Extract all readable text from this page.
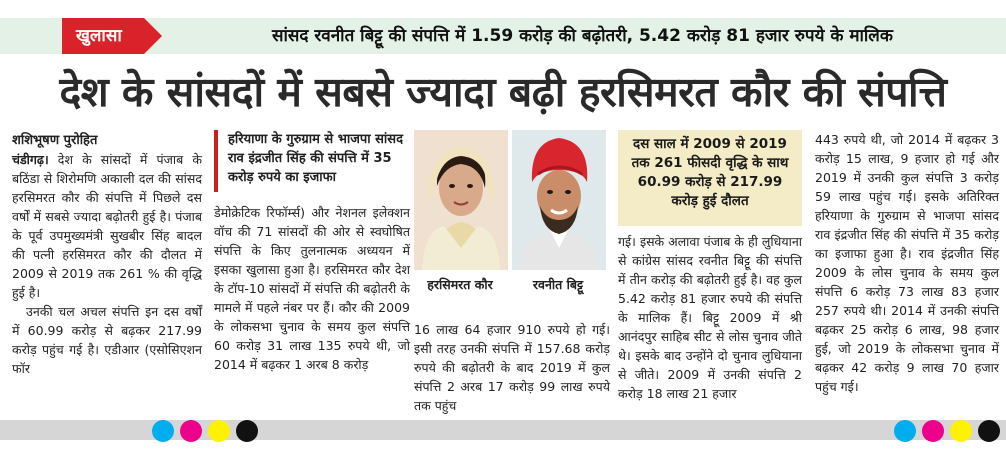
खुलासा	सांसद रवनीत बिट्टू की संपत्ति में 1.59 करोड़ की बढ़ोतरी, 5.42 करोड़ 81 हजार रुपये के मालिक
देश के सांसदों में सबसे ज्यादा बढ़ी हरसिमरत कौर की संपत्ति
शशिभूषण पुरोहित
चंडीगढ़। देश के सांसदों में पंजाब के बठिंडा से शिरोमणि अकाली दल की सांसद हरसिमरत कौर की संपत्ति में पिछले दस वर्षों में सबसे ज्यादा बढ़ोतरी हुई है। पंजाब के पूर्व उपमुख्यमंत्री सुखबीर सिंह बादल की पत्नी हरसिमरत कौर की दौलत में 2009 से 2019 तक 261 % की वृद्धि हुई है।

उनकी चल अचल संपत्ति इन दस वर्षों में 60.99 करोड़ से बढ़कर 217.99 करोड़ पहुंच गई है। एडीआर (एसोसिएशन फॉर

हरियाणा के गुरुग्राम से भाजपा सांसद राव इंद्रजीत सिंह की संपत्ति में 35 करोड़ रुपये का इजाफा
डेमोक्रेटिक रिफॉर्म्स) और नेशनल इलेक्शन वॉच की 71 सांसदों की ओर से स्वघोषित संपत्ति के किए तुलनात्मक अध्ययन में इसका खुलासा हुआ है। हरसिमरत कौर देश के टॉप-10 सांसदों में संपत्ति की बढ़ोतरी के मामले में पहले नंबर पर हैं। कौर की 2009 के लोकसभा चुनाव के समय कुल संपत्ति 60 करोड़ 31 लाख 135 रुपये थी, जो 2014 में बढ़कर 1 अरब 8 करोड़
हरसिमरत कौर	रवनीत बिट्टू
16 लाख 64 हजार 910 रुपये हो गई। इसी तरह उनकी संपत्ति में 157.68 करोड़ रुपये की बढ़ोतरी के बाद 2019 में कुल संपत्ति 2 अरब 17 करोड़ 99 लाख रुपये तक पहुंच
दस साल में 2009 से 2019 तक 261 फीसदी वृद्धि के साथ 60.99 करोड़ से 217.99 करोड़ हुई दौलत
गई। इसके अलावा पंजाब के ही लुधियाना से कांग्रेस सांसद रवनीत बिट्टू की संपत्ति में तीन करोड़ की बढ़ोतरी हुई है। वह कुल 5.42 करोड़ 81 हजार रुपये की संपत्ति के मालिक हैं। बिट्टू 2009 में श्री आनंदपुर साहिब सीट से लोस चुनाव जीते थे। इसके बाद उन्होंने दो चुनाव लुधियाना से जीते। 2009 में उनकी संपत्ति 2 करोड़ 18 लाख 21 हजार
443 रुपये थी, जो 2014 में बढ़कर 3 करोड़ 15 लाख, 9 हजार हो गई और 2019 में उनकी कुल संपत्ति 3 करोड़ 59 लाख पहुंच गई। इसके अतिरिक्त हरियाणा के गुरुग्राम से भाजपा सांसद राव इंद्रजीत सिंह की संपत्ति में 35 करोड़ का इजाफा हुआ है। राव इंद्रजीत सिंह 2009 के लोस चुनाव के समय कुल संपत्ति 6 करोड़ 73 लाख 83 हजार 257 रुपये थी। 2014 में उनकी संपत्ति बढ़कर 25 करोड़ 6 लाख, 98 हजार हुई, जो 2019 के लोकसभा चुनाव में बढ़कर 42 करोड़ 9 लाख 70 हजार पहुंच गई।
